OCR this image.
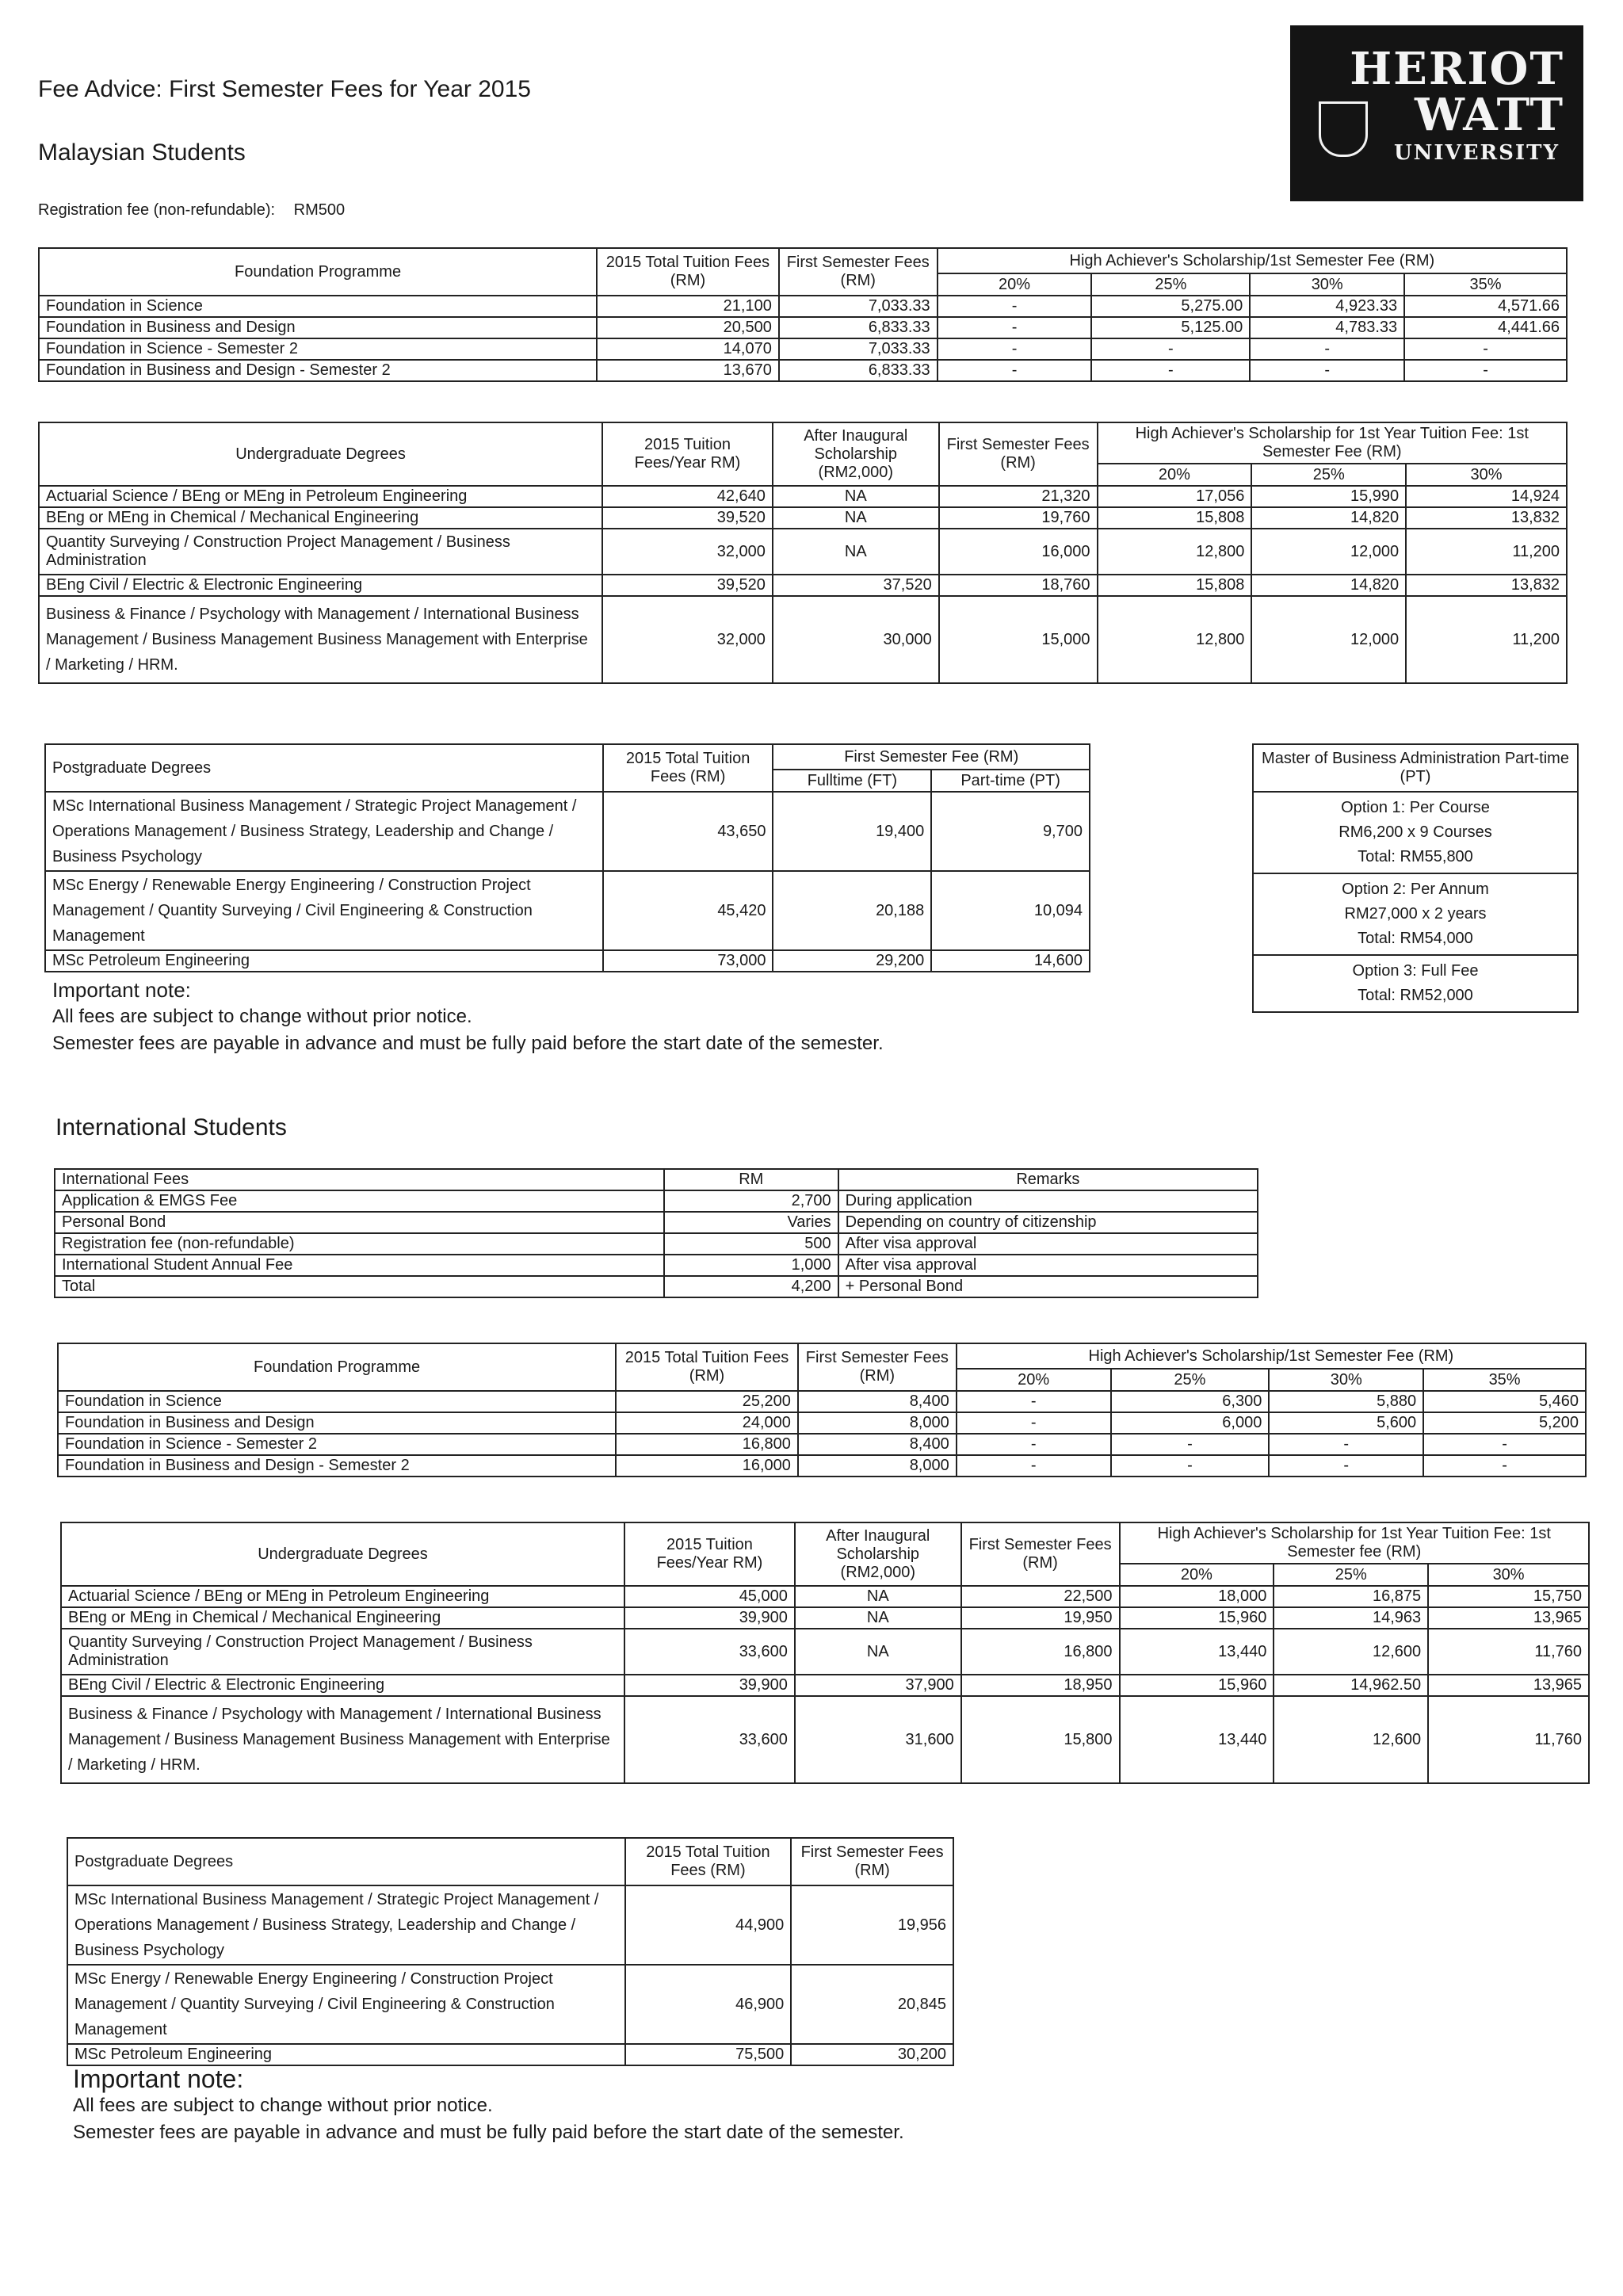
Fee Advice: First Semester Fees for Year 2015
Malaysian Students
Registration fee (non-refundable): RM500
HERIOT
WATT
UNIVERSITY
Foundation Programme	2015 Total Tuition Fees (RM)	First Semester Fees (RM)	High Achiever's Scholarship/1st Semester Fee (RM)			
			20%	25%	30%	35%
Foundation in Science	21,100	7,033.33	-	5,275.00	4,923.33	4,571.66
Foundation in Business and Design	20,500	6,833.33	-	5,125.00	4,783.33	4,441.66
Foundation in Science - Semester 2	14,070	7,033.33	-	-	-	-
Foundation in Business and Design - Semester 2	13,670	6,833.33	-	-	-	-
Undergraduate Degrees	2015 Tuition Fees/Year RM)	After Inaugural Scholarship (RM2,000)	First Semester Fees (RM)	High Achiever's Scholarship for 1st Year Tuition Fee: 1st Semester Fee (RM)		
				20%	25%	30%
Actuarial Science / BEng or MEng in Petroleum Engineering	42,640	NA	21,320	17,056	15,990	14,924
BEng or MEng in Chemical / Mechanical Engineering	39,520	NA	19,760	15,808	14,820	13,832
Quantity Surveying / Construction Project Management / Business Administration	32,000	NA	16,000	12,800	12,000	11,200
BEng Civil / Electric & Electronic Engineering	39,520	37,520	18,760	15,808	14,820	13,832
Business & Finance / Psychology with Management / International Business Management / Business Management Business Management with Enterprise / Marketing / HRM.	32,000	30,000	15,000	12,800	12,000	11,200
Postgraduate Degrees	2015 Total Tuition Fees (RM)	First Semester Fee (RM)	
		Fulltime (FT)	Part-time (PT)
MSc International Business Management / Strategic Project Management / Operations Management / Business Strategy, Leadership and Change / Business Psychology	43,650	19,400	9,700
MSc Energy / Renewable Energy Engineering / Construction Project Management / Quantity Surveying / Civil Engineering & Construction Management	45,420	20,188	10,094
MSc Petroleum Engineering	73,000	29,200	14,600
Master of Business Administration Part-time (PT)

Option 1: Per Course
RM6,200 x 9 Courses
Total: RM55,800

Option 2: Per Annum
RM27,000 x 2 years
Total: RM54,000

Option 3: Full Fee
Total: RM52,000
Important note:
All fees are subject to change without prior notice.
Semester fees are payable in advance and must be fully paid before the start date of the semester.
International Students
International Fees	RM	Remarks
Application & EMGS Fee	2,700	During application
Personal Bond	Varies	Depending on country of citizenship
Registration fee (non-refundable)	500	After visa approval
International Student Annual Fee	1,000	After visa approval
Total	4,200	+ Personal Bond
Foundation Programme	2015 Total Tuition Fees (RM)	First Semester Fees (RM)	High Achiever's Scholarship/1st Semester Fee (RM)			
			20%	25%	30%	35%
Foundation in Science	25,200	8,400	-	6,300	5,880	5,460
Foundation in Business and Design	24,000	8,000	-	6,000	5,600	5,200
Foundation in Science - Semester 2	16,800	8,400	-	-	-	-
Foundation in Business and Design - Semester 2	16,000	8,000	-	-	-	-
Undergraduate Degrees	2015 Tuition Fees/Year RM)	After Inaugural Scholarship (RM2,000)	First Semester Fees (RM)	High Achiever's Scholarship for 1st Year Tuition Fee: 1st Semester fee (RM)		
				20%	25%	30%
Actuarial Science / BEng or MEng in Petroleum Engineering	45,000	NA	22,500	18,000	16,875	15,750
BEng or MEng in Chemical / Mechanical Engineering	39,900	NA	19,950	15,960	14,963	13,965
Quantity Surveying / Construction Project Management / Business Administration	33,600	NA	16,800	13,440	12,600	11,760
BEng Civil / Electric & Electronic Engineering	39,900	37,900	18,950	15,960	14,962.50	13,965
Business & Finance / Psychology with Management / International Business Management / Business Management Business Management with Enterprise / Marketing / HRM.	33,600	31,600	15,800	13,440	12,600	11,760
Postgraduate Degrees	2015 Total Tuition Fees (RM)	First Semester Fees (RM)
MSc International Business Management / Strategic Project Management / Operations Management / Business Strategy, Leadership and Change / Business Psychology	44,900	19,956
MSc Energy / Renewable Energy Engineering / Construction Project Management / Quantity Surveying / Civil Engineering & Construction Management	46,900	20,845
MSc Petroleum Engineering	75,500	30,200
Important note:
All fees are subject to change without prior notice.
Semester fees are payable in advance and must be fully paid before the start date of the semester.
